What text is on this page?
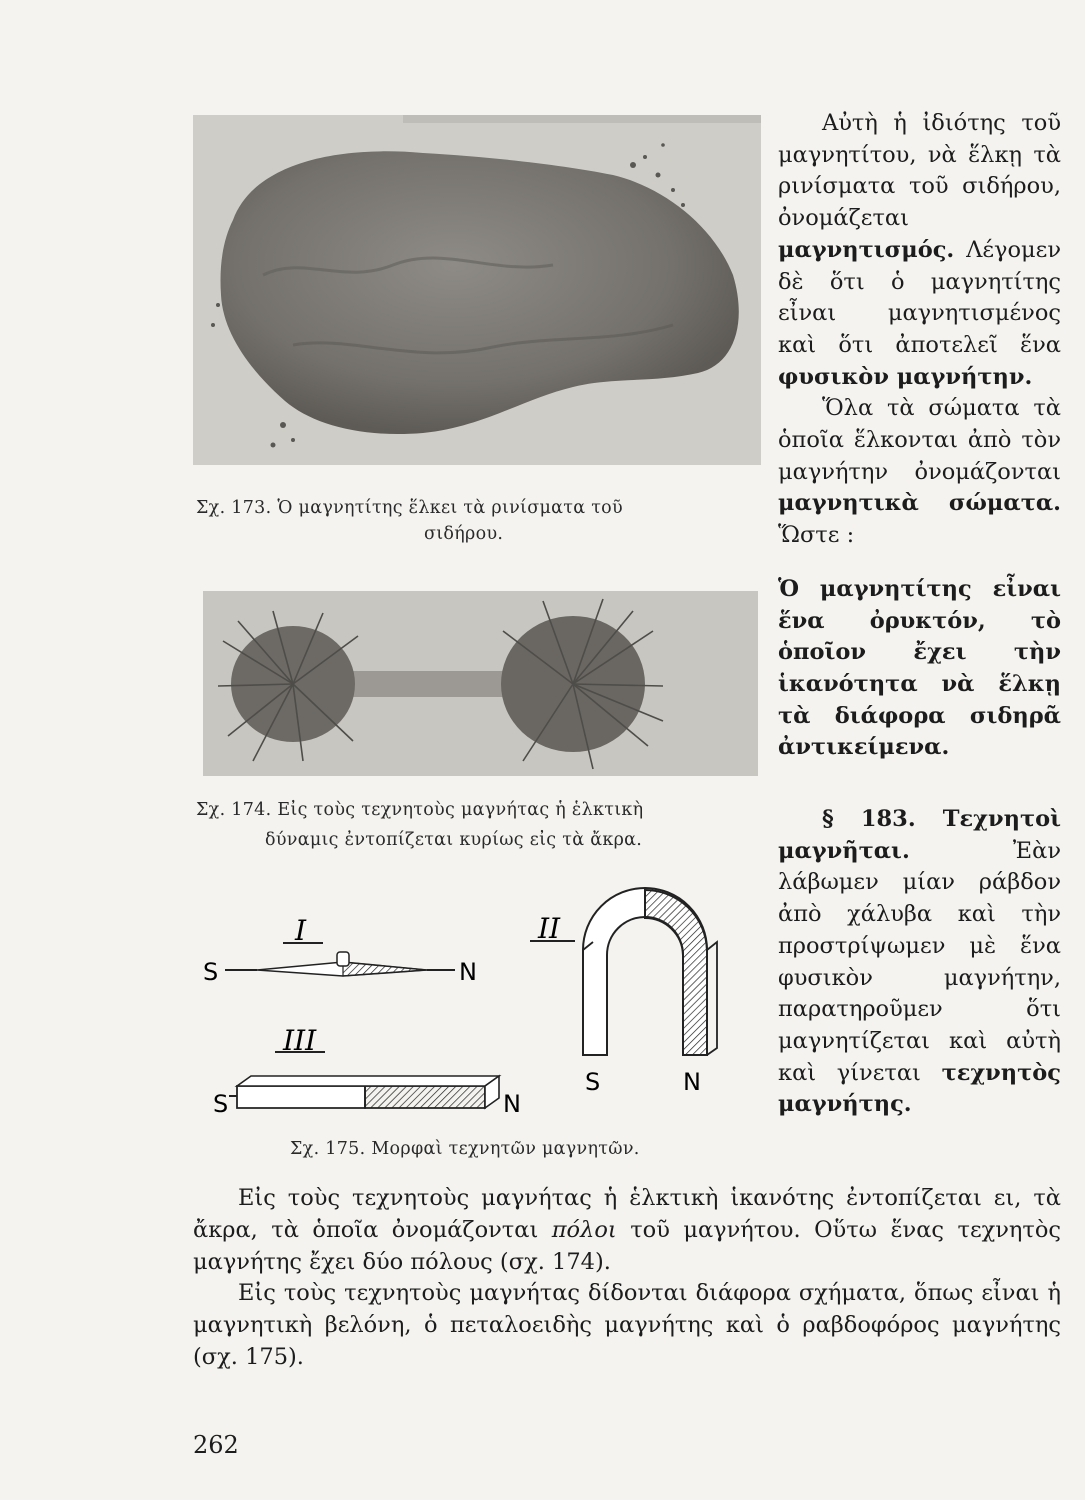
Σχ. 173. Ὁ μαγνητίτης ἕλκει τὰ ρινίσματα τοῦ
σιδήρου.
Σχ. 174. Εἰς τοὺς τεχνητοὺς μαγνήτας ἡ ἑλκτικὴ
δύναμις ἐντοπίζεται κυρίως εἰς τὰ ἄκρα.
I
S	N
II
S	N
III
S	N
Σχ. 175. Μορφαὶ τεχνητῶν μαγνητῶν.

Αὐτὴ ἡ ἰδιότης τοῦ μαγνητίτου, νὰ ἕλκῃ τὰ ρινίσματα τοῦ σιδήρου, ὀνομάζεται μαγνητισμός. Λέγομεν δὲ ὅτι ὁ μαγνητίτης εἶναι μαγνητισμένος καὶ ὅτι ἀποτελεῖ ἕνα φυσικὸν μαγνήτην.

Ὅλα τὰ σώματα τὰ ὁποῖα ἕλκονται ἀπὸ τὸν μαγνήτην ὀνομάζονται μαγνητικὰ σώματα. Ὥστε :

Ὁ μαγνητίτης εἶναι ἕνα ὀρυκτόν, τὸ ὁποῖον ἔχει τὴν ἱκανότητα νὰ ἕλκῃ τὰ διάφορα σιδηρᾶ ἀντικείμενα.

§ 183. Τεχνητοὶ μαγνῆται. Ἐὰν λάβωμεν μίαν ράβδον ἀπὸ χάλυβα καὶ τὴν προστρίψωμεν μὲ ἕνα φυσικὸν μαγνήτην, παρατηροῦμεν ὅτι μαγνητίζεται καὶ αὐτὴ καὶ γίνεται τεχνητὸς μαγνήτης.

Εἰς τοὺς τεχνητοὺς μαγνήτας ἡ ἑλκτικὴ ἱκανότης ἐντοπίζεται ει, τὰ ἄκρα, τὰ ὁποῖα ὀνομάζονται πόλοι τοῦ μαγνήτου. Οὕτω ἕνας τεχνητὸς μαγνήτης ἔχει δύο πόλους (σχ. 174).

Εἰς τοὺς τεχνητοὺς μαγνήτας δίδονται διάφορα σχήματα, ὅπως εἶναι ἡ μαγνητικὴ βελόνη, ὁ πεταλοειδὴς μαγνήτης καὶ ὁ ραβδοφόρος μαγνήτης (σχ. 175).

262
